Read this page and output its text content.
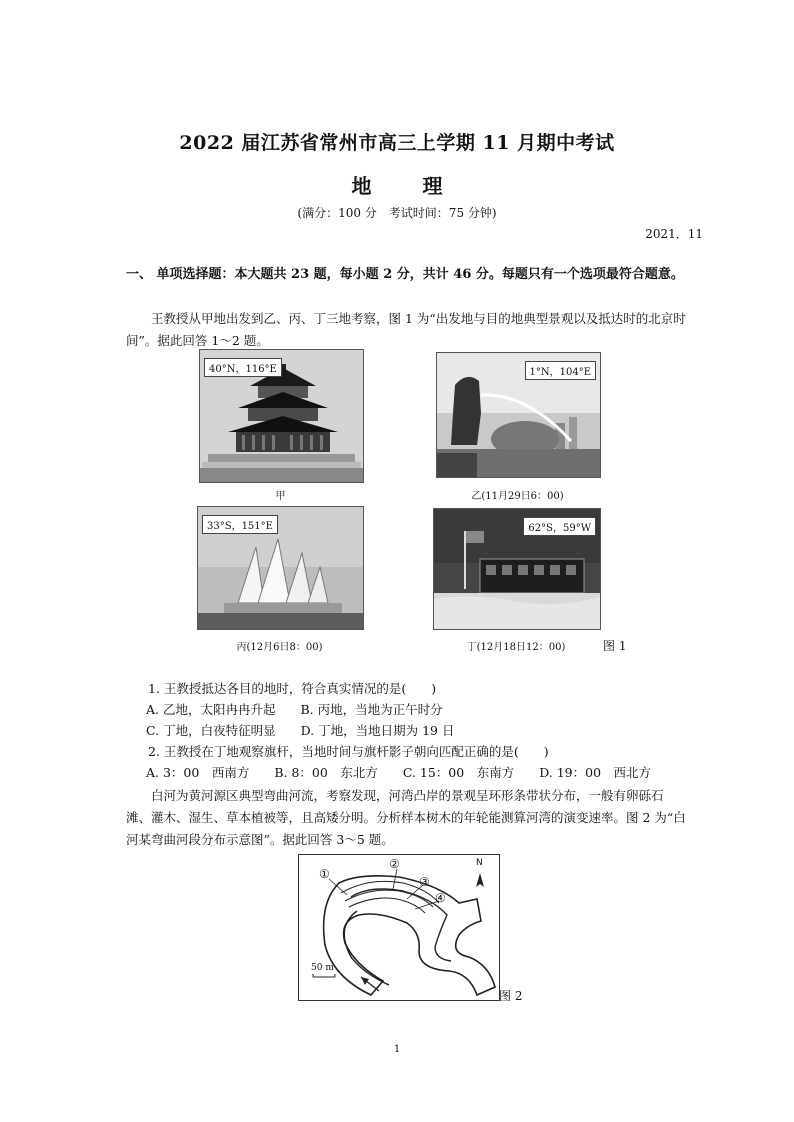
2022 届江苏省常州市高三上学期 11 月期中考试
地 理
(满分：100 分　考试时间：75 分钟)
2021．11
一、 单项选择题：本大题共 23 题，每小题 2 分，共计 46 分。每题只有一个选项最符合题意。
王教授从甲地出发到乙、丙、丁三地考察，图 1 为“出发地与目的地典型景观以及抵达时的北京时间”。据此回答 1～2 题。
40°N，116°E
甲
1°N，104°E
乙(11月29日6：00)
33°S，151°E
丙(12月6日8：00)
62°S，59°W
丁(12月18日12：00)	图 1
1. 王教授抵达各目的地时，符合真实情况的是(　　)
A. 乙地，太阳冉冉升起　　B. 丙地，当地为正午时分
C. 丁地，白夜特征明显　　D. 丁地，当地日期为 19 日
2. 王教授在丁地观察旗杆，当地时间与旗杆影子朝向匹配正确的是(　　)
A. 3：00　西南方　　B. 8：00　东北方　　C. 15：00　东南方　　D. 19：00　西北方
白河为黄河源区典型弯曲河流，考察发现，河湾凸岸的景观呈环形条带状分布，一般有卵砾石滩、灌木、湿生、草本植被等，且高矮分明。分析样本树木的年轮能测算河湾的演变速率。图 2 为“白河某弯曲河段分布示意图”。据此回答 3～5 题。
①
②
③
④
N
50 m
图 2
1
